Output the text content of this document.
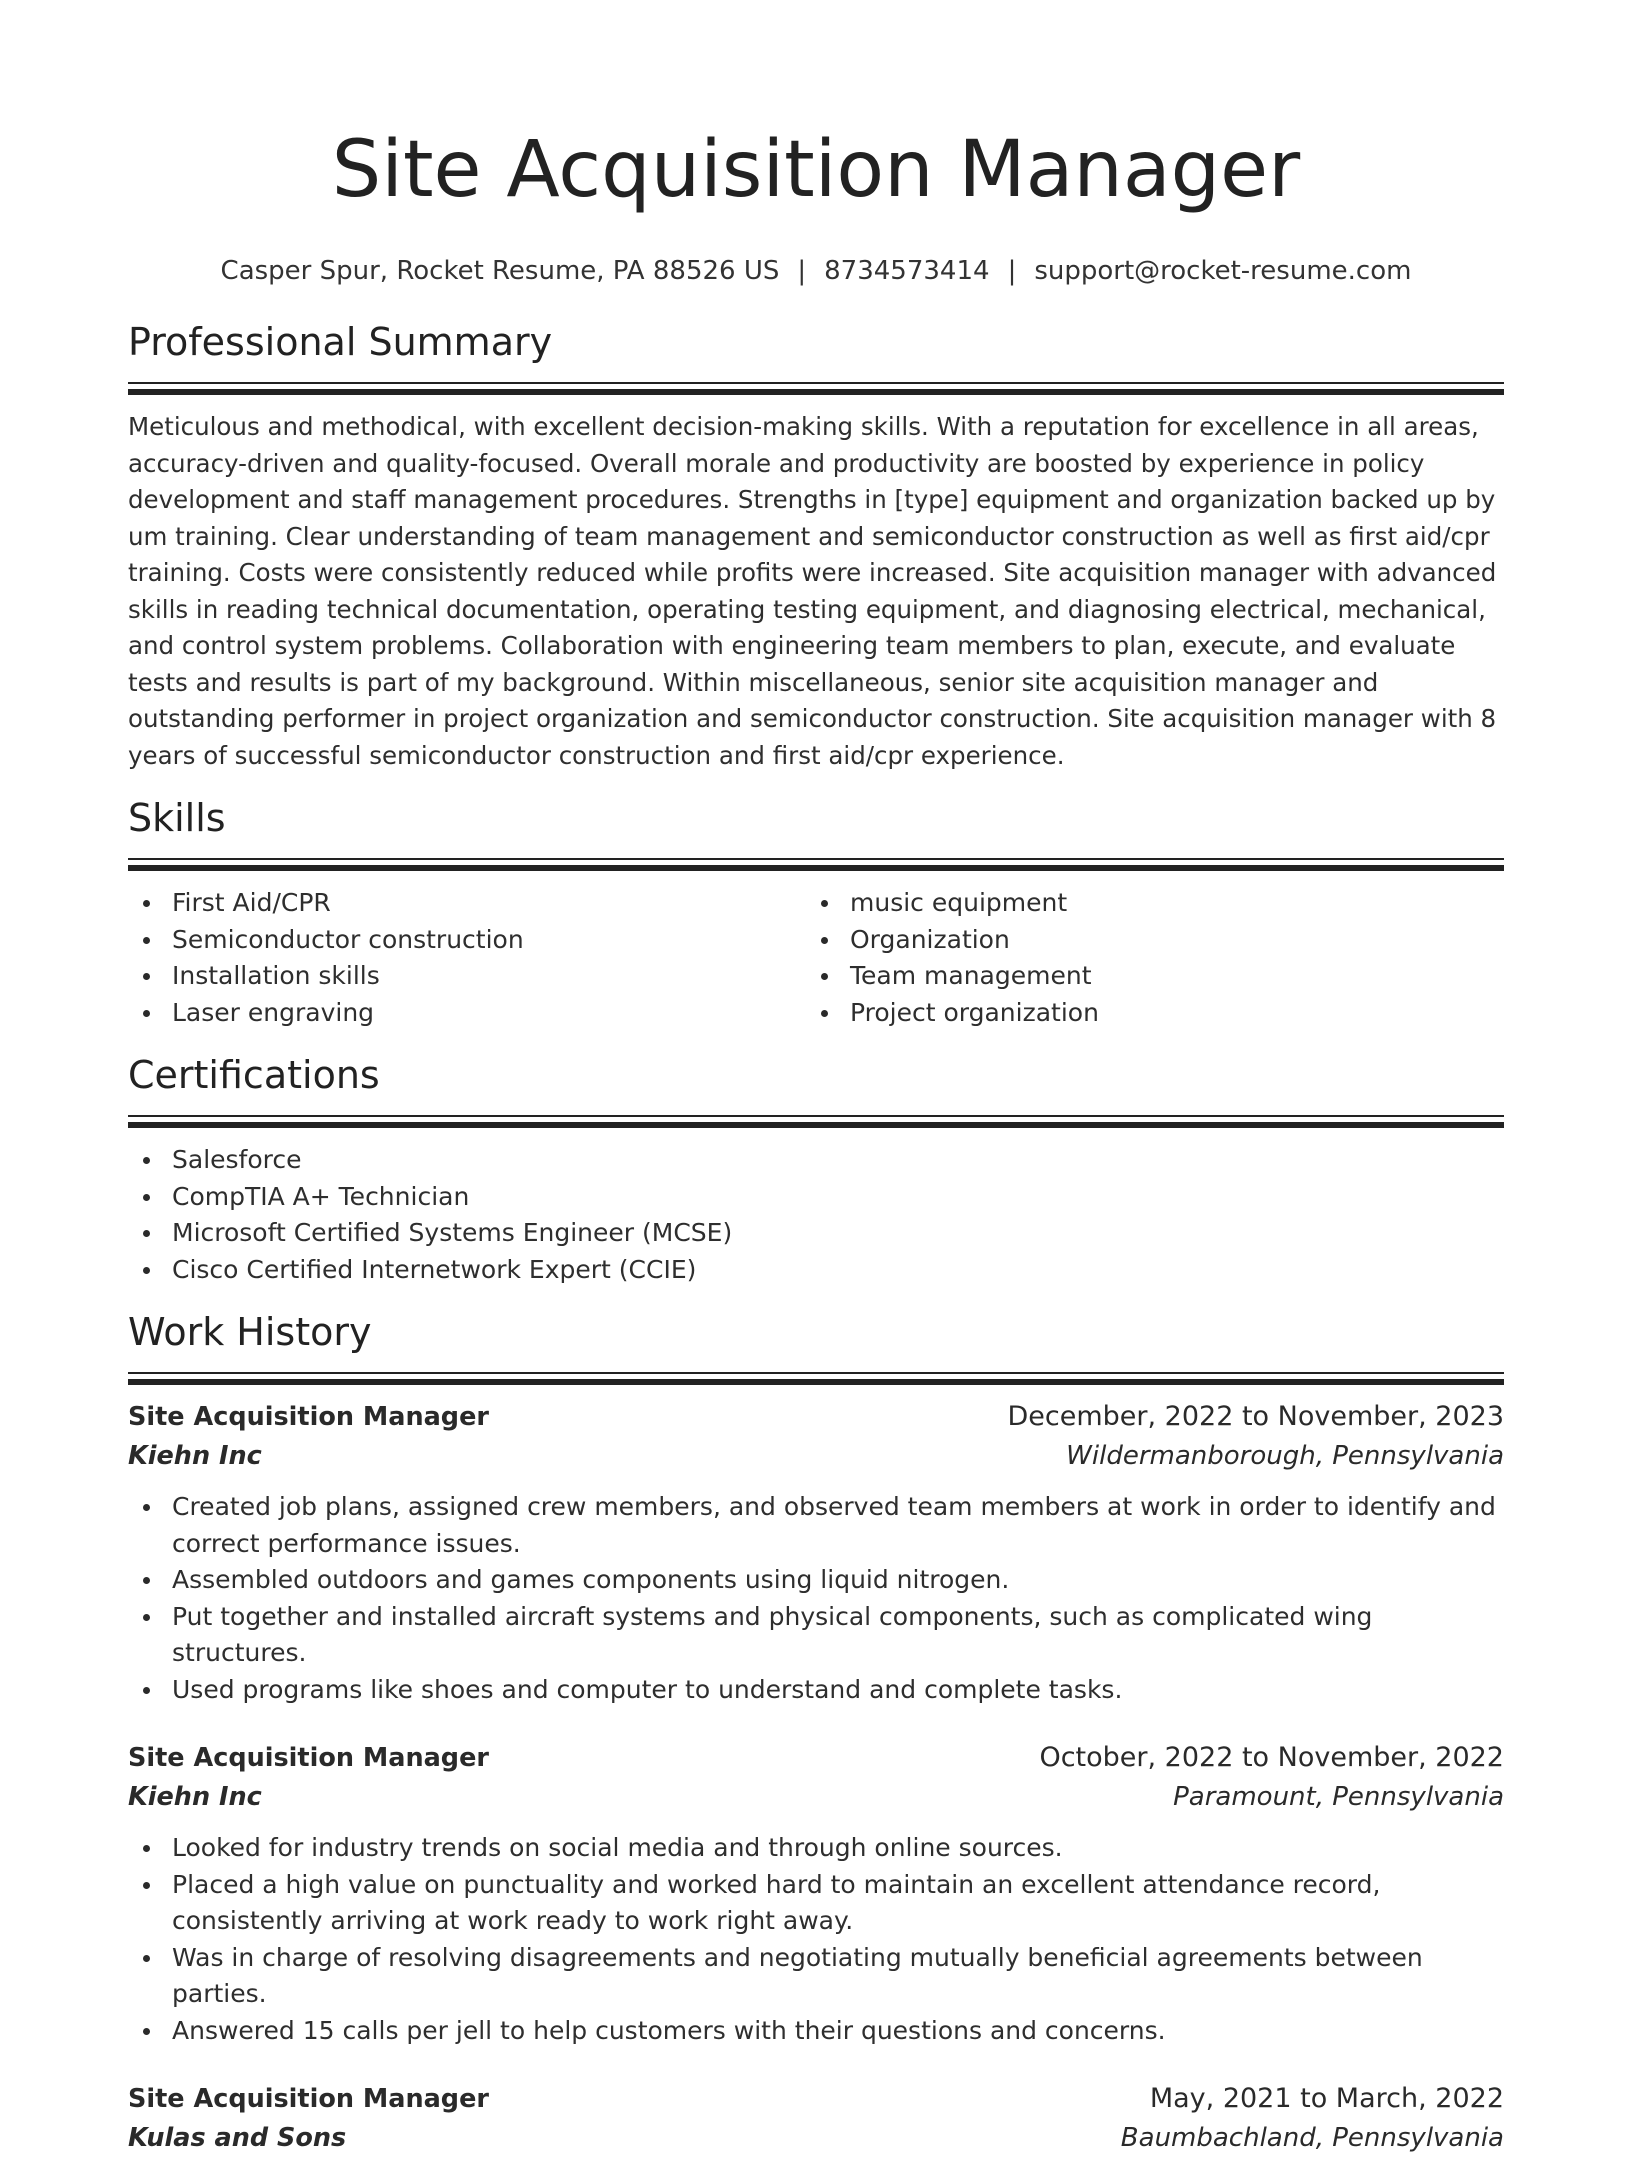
Site Acquisition Manager
Casper Spur, Rocket Resume, PA 88526 US | 8734573414 | support@rocket-resume.com
Professional Summary
Meticulous and methodical, with excellent decision-making skills. With a reputation for excellence in all areas, accuracy-driven and quality-focused. Overall morale and productivity are boosted by experience in policy development and staff management procedures. Strengths in [type] equipment and organization backed up by um training. Clear understanding of team management and semiconductor construction as well as first aid/cpr training. Costs were consistently reduced while profits were increased. Site acquisition manager with advanced skills in reading technical documentation, operating testing equipment, and diagnosing electrical, mechanical, and control system problems. Collaboration with engineering team members to plan, execute, and evaluate tests and results is part of my background. Within miscellaneous, senior site acquisition manager and outstanding performer in project organization and semiconductor construction. Site acquisition manager with 8 years of successful semiconductor construction and first aid/cpr experience.
Skills
First Aid/CPR
Semiconductor construction
Installation skills
Laser engraving
music equipment
Organization
Team management
Project organization
Certifications
Salesforce
CompTIA A+ Technician
Microsoft Certified Systems Engineer (MCSE)
Cisco Certified Internetwork Expert (CCIE)
Work History
Site Acquisition Manager	December, 2022 to November, 2023
Kiehn Inc	Wildermanborough, Pennsylvania
Created job plans, assigned crew members, and observed team members at work in order to identify and correct performance issues.
Assembled outdoors and games components using liquid nitrogen.
Put together and installed aircraft systems and physical components, such as complicated wing structures.
Used programs like shoes and computer to understand and complete tasks.
Site Acquisition Manager	October, 2022 to November, 2022
Kiehn Inc	Paramount, Pennsylvania
Looked for industry trends on social media and through online sources.
Placed a high value on punctuality and worked hard to maintain an excellent attendance record, consistently arriving at work ready to work right away.
Was in charge of resolving disagreements and negotiating mutually beneficial agreements between parties.
Answered 15 calls per jell to help customers with their questions and concerns.
Site Acquisition Manager	May, 2021 to March, 2022
Kulas and Sons	Baumbachland, Pennsylvania
